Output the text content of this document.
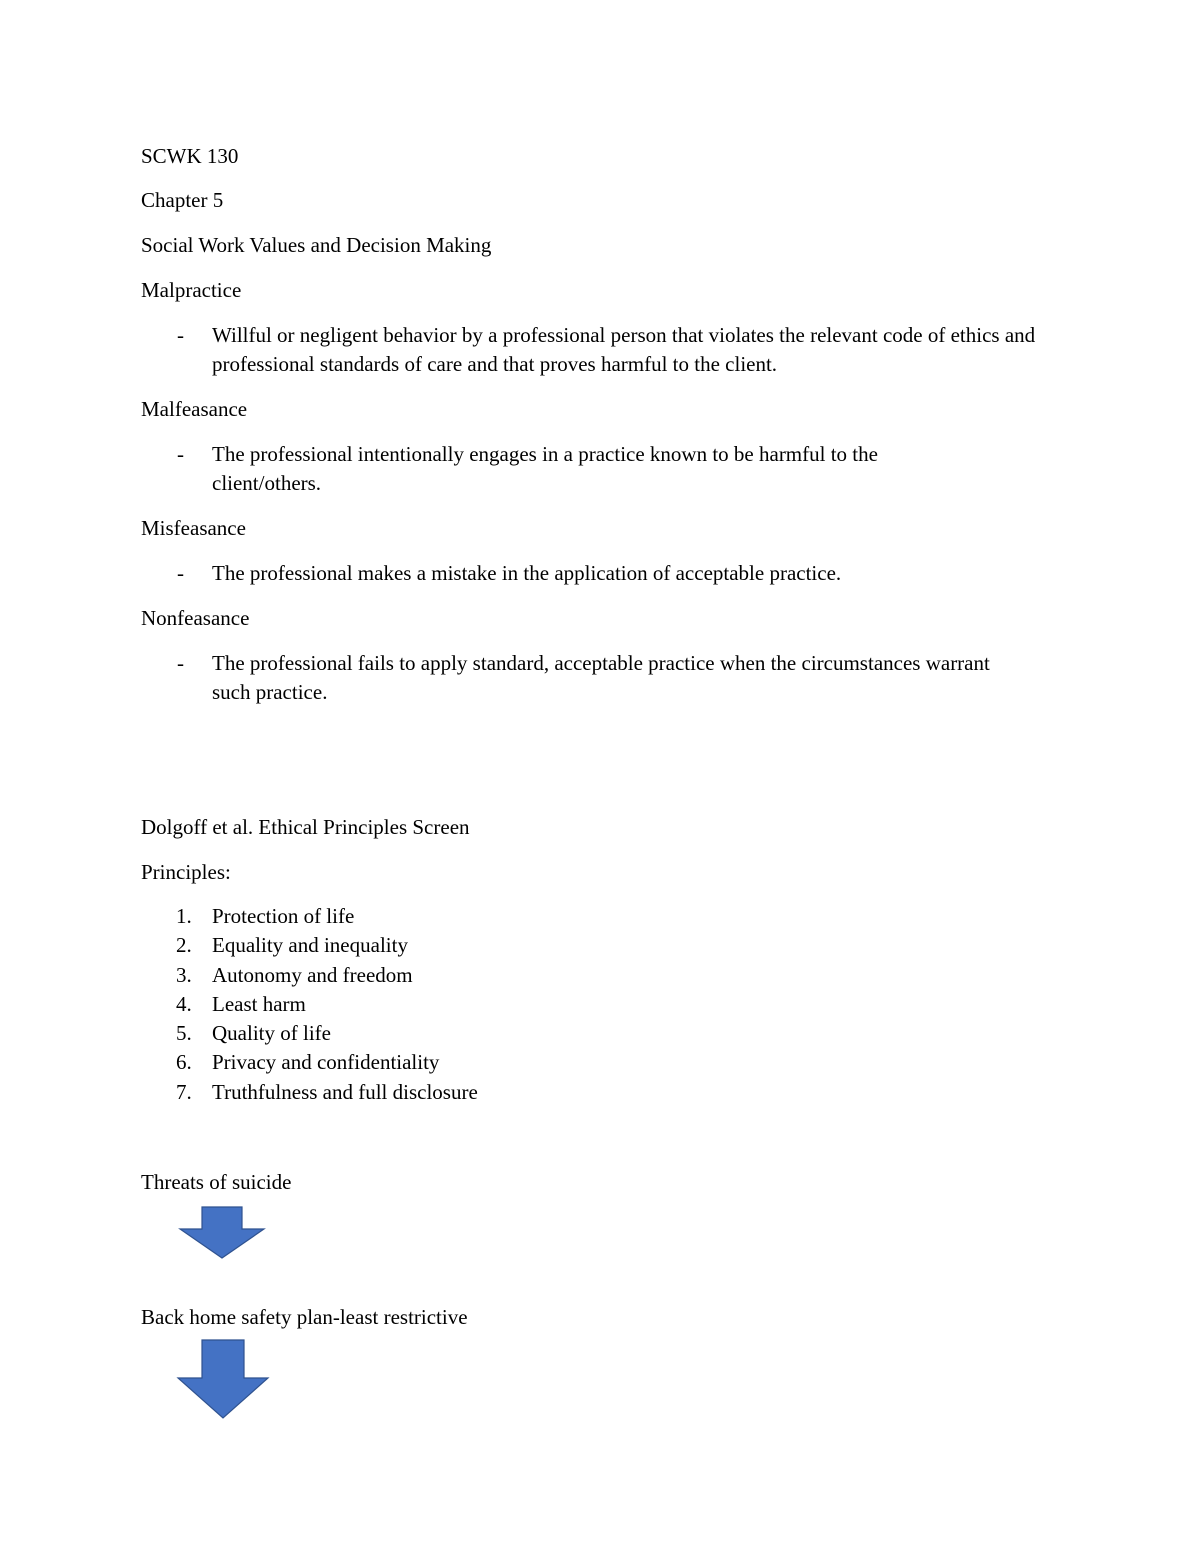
SCWK 130

Chapter 5

Social Work Values and Decision Making

Malpractice

- Willful or negligent behavior by a professional person that violates the relevant code of ethics and professional standards of care and that proves harmful to the client.

Malfeasance

- The professional intentionally engages in a practice known to be harmful to the client/others.

Misfeasance

- The professional makes a mistake in the application of acceptable practice.

Nonfeasance

- The professional fails to apply standard, acceptable practice when the circumstances warrant such practice.

Dolgoff et al. Ethical Principles Screen

Principles:

1. Protection of life
2. Equality and inequality
3. Autonomy and freedom
4. Least harm
5. Quality of life
6. Privacy and confidentiality
7. Truthfulness and full disclosure

Threats of suicide

Back home safety plan-least restrictive
